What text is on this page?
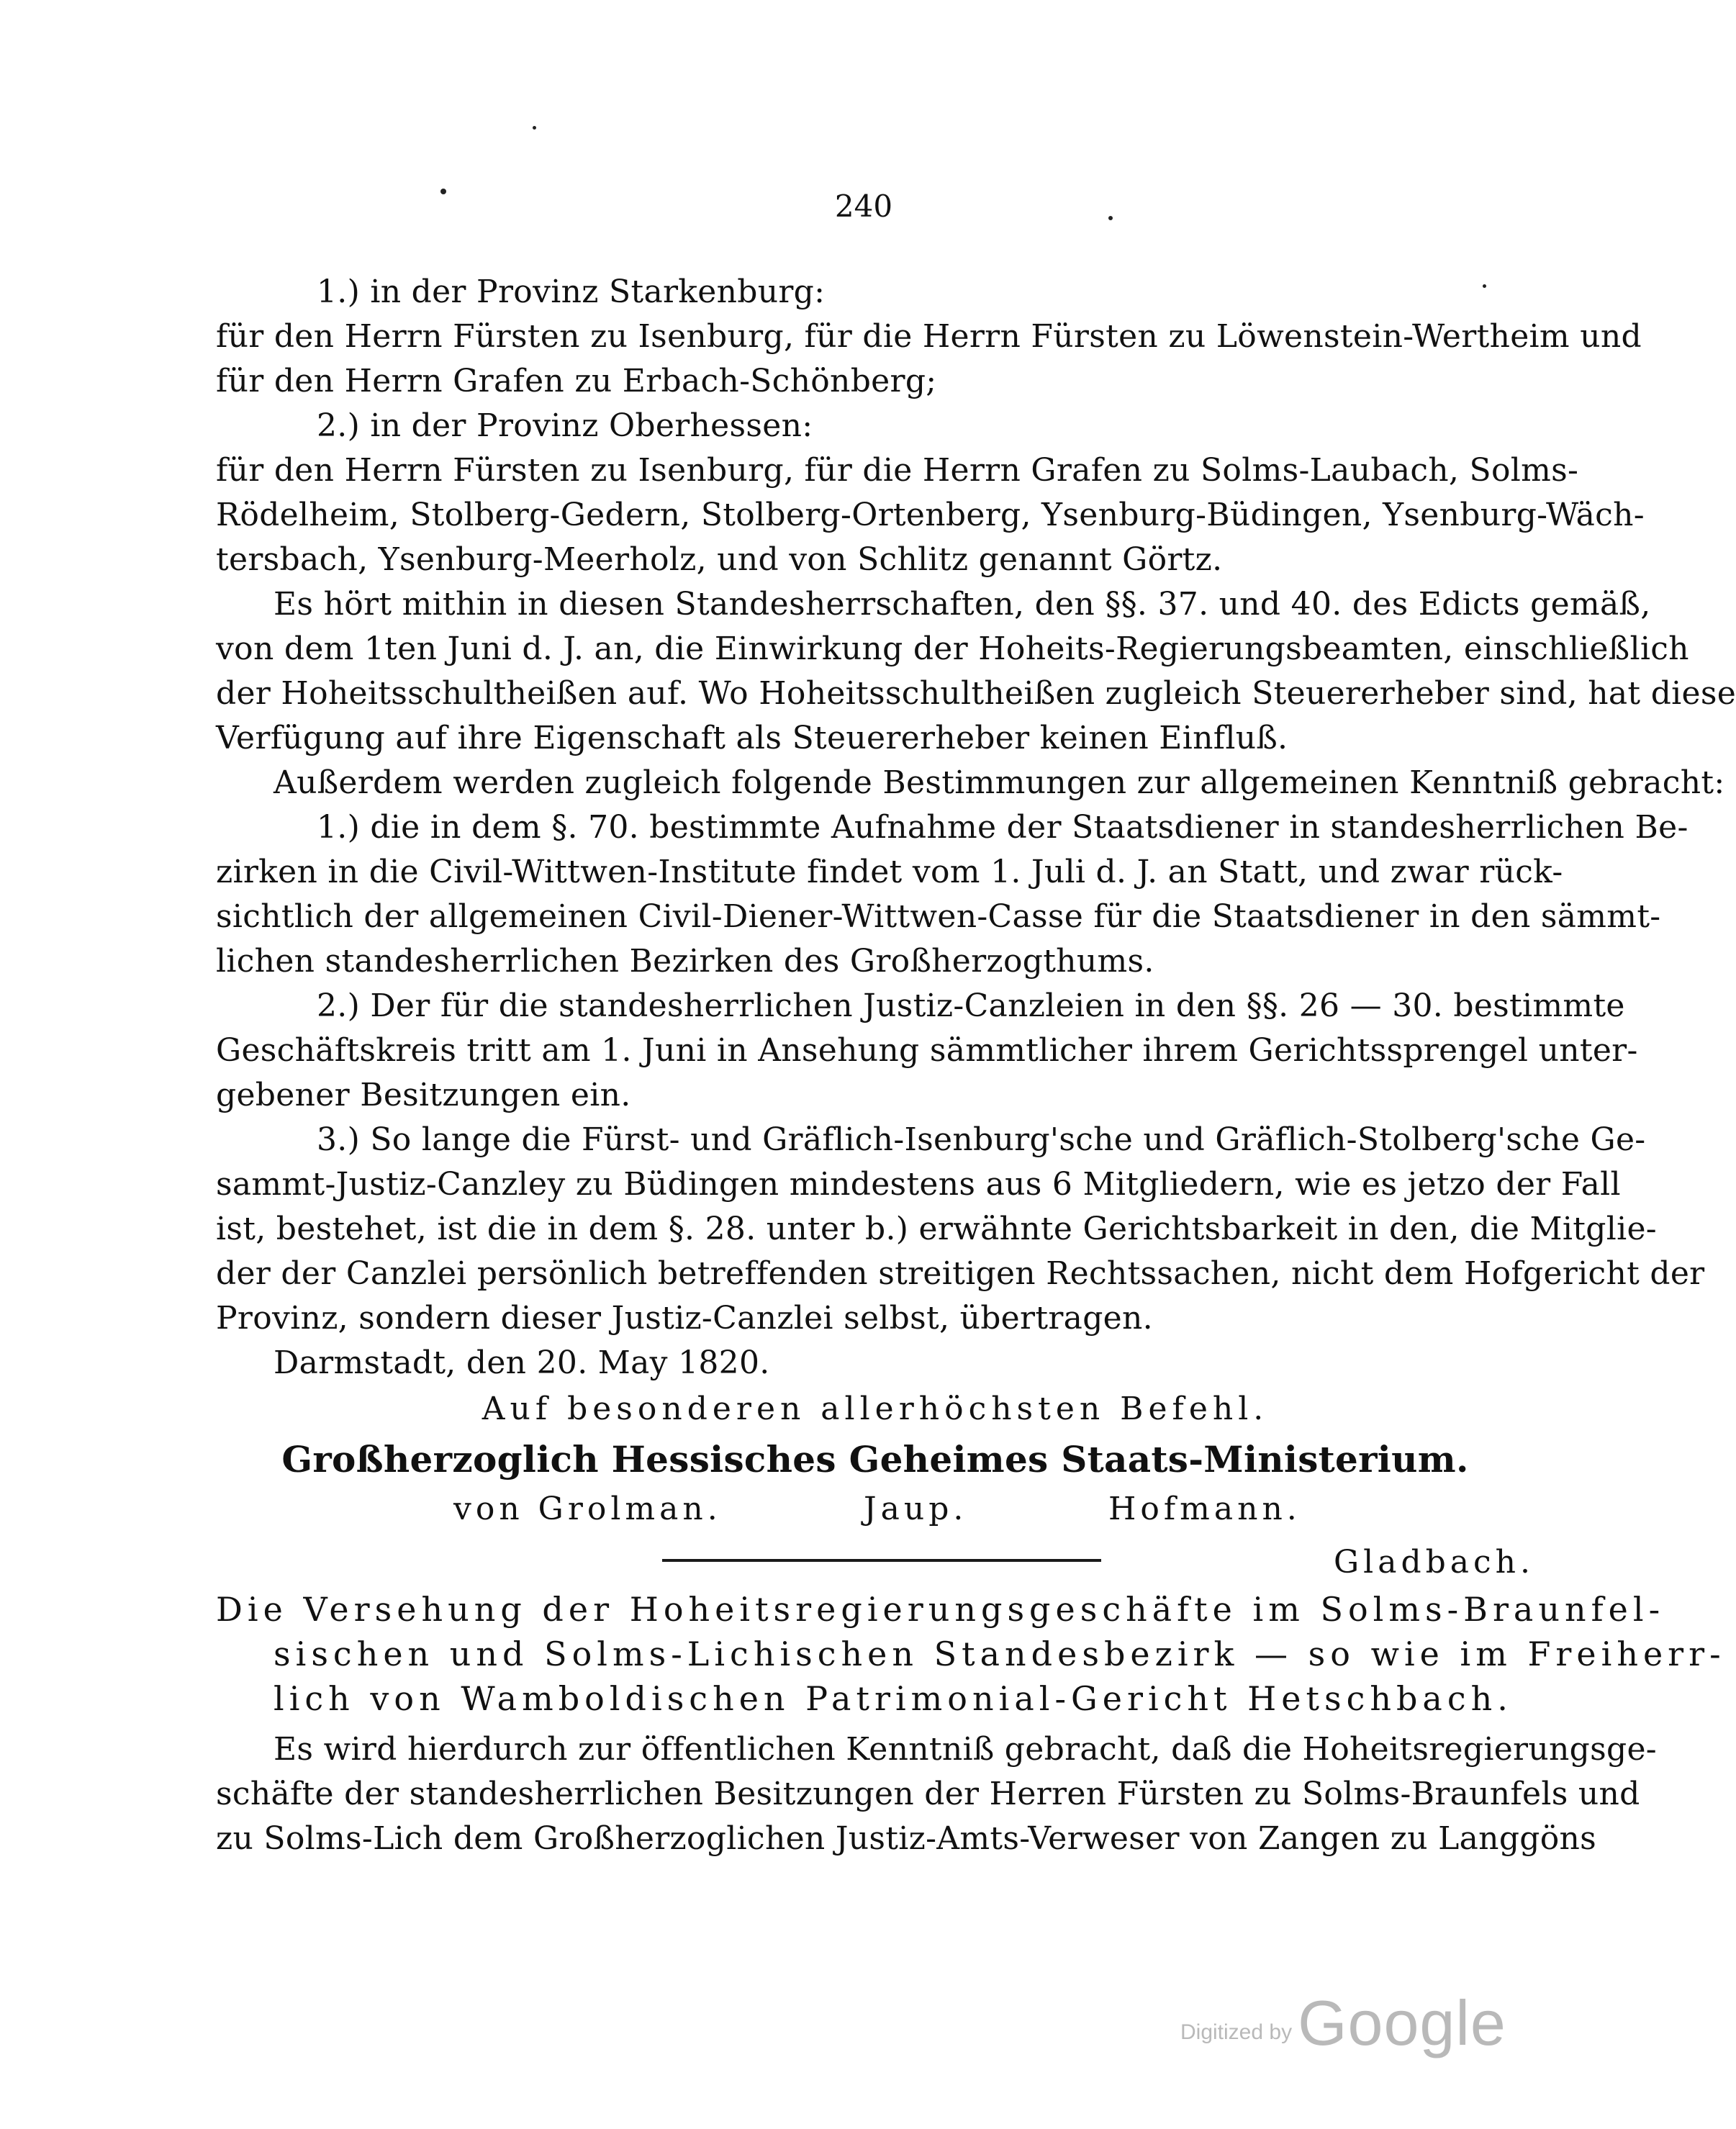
240
1.) in der Provinz Starkenburg:
für den Herrn Fürsten zu Isenburg, für die Herrn Fürsten zu Löwenstein-Wertheim und
für den Herrn Grafen zu Erbach-Schönberg;
2.) in der Provinz Oberhessen:
für den Herrn Fürsten zu Isenburg, für die Herrn Grafen zu Solms-Laubach, Solms-
Rödelheim, Stolberg-Gedern, Stolberg-Ortenberg, Ysenburg-Büdingen, Ysenburg-Wäch-
tersbach, Ysenburg-Meerholz, und von Schlitz genannt Görtz.
Es hört mithin in diesen Standesherrschaften, den §§. 37. und 40. des Edicts gemäß,
von dem 1ten Juni d. J. an, die Einwirkung der Hoheits-Regierungsbeamten, einschließlich
der Hoheitsschultheißen auf. Wo Hoheitsschultheißen zugleich Steuererheber sind, hat diese
Verfügung auf ihre Eigenschaft als Steuererheber keinen Einfluß.
Außerdem werden zugleich folgende Bestimmungen zur allgemeinen Kenntniß gebracht:
1.) die in dem §. 70. bestimmte Aufnahme der Staatsdiener in standesherrlichen Be-
zirken in die Civil-Wittwen-Institute findet vom 1. Juli d. J. an Statt, und zwar rück-
sichtlich der allgemeinen Civil-Diener-Wittwen-Casse für die Staatsdiener in den sämmt-
lichen standesherrlichen Bezirken des Großherzogthums.
2.) Der für die standesherrlichen Justiz-Canzleien in den §§. 26 — 30. bestimmte
Geschäftskreis tritt am 1. Juni in Ansehung sämmtlicher ihrem Gerichtssprengel unter-
gebener Besitzungen ein.
3.) So lange die Fürst- und Gräflich-Isenburg'sche und Gräflich-Stolberg'sche Ge-
sammt-Justiz-Canzley zu Büdingen mindestens aus 6 Mitgliedern, wie es jetzo der Fall
ist, bestehet, ist die in dem §. 28. unter b.) erwähnte Gerichtsbarkeit in den, die Mitglie-
der der Canzlei persönlich betreffenden streitigen Rechtssachen, nicht dem Hofgericht der
Provinz, sondern dieser Justiz-Canzlei selbst, übertragen.
Darmstadt, den 20. May 1820.
Auf besonderen allerhöchsten Befehl.
Großherzoglich Hessisches Geheimes Staats-Ministerium.
von Grolman.	Jaup.	Hofmann.
Gladbach.
Die Versehung der Hoheitsregierungsgeschäfte im Solms-Braunfel-
sischen und Solms-Lichischen Standesbezirk — so wie im Freiherr-
lich von Wamboldischen Patrimonial-Gericht Hetschbach.
Es wird hierdurch zur öffentlichen Kenntniß gebracht, daß die Hoheitsregierungsge-
schäfte der standesherrlichen Besitzungen der Herren Fürsten zu Solms-Braunfels und
zu Solms-Lich dem Großherzoglichen Justiz-Amts-Verweser von Zangen zu Langgöns
Digitized byGoogle
